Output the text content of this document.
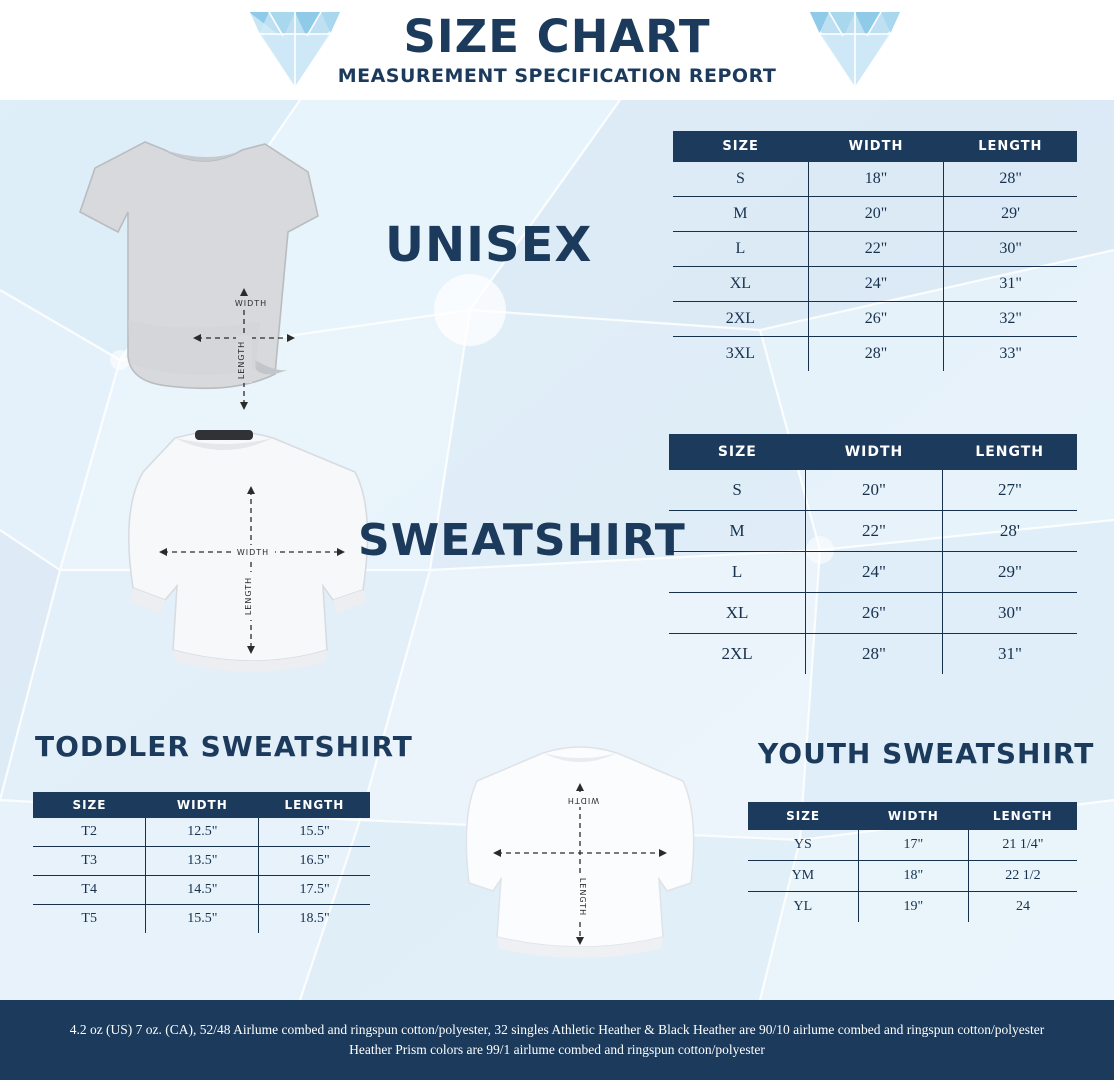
SIZE CHART
MEASUREMENT SPECIFICATION REPORT
WIDTH
LENGTH
WIDTH
LENGTH
WIDTH
LENGTH
UNISEX
SWEATSHIRT
TODDLER SWEATSHIRT	YOUTH SWEATSHIRT
SIZE	WIDTH	LENGTH
S	18"	28"
M	20"	29'
L	22"	30"
XL	24"	31"
2XL	26"	32"
3XL	28"	33"
SIZE	WIDTH	LENGTH
S	20"	27"
M	22"	28'
L	24"	29"
XL	26"	30"
2XL	28"	31"
SIZE	WIDTH	LENGTH
T2	12.5"	15.5"
T3	13.5"	16.5"
T4	14.5"	17.5"
T5	15.5"	18.5"
SIZE	WIDTH	LENGTH
YS	17"	21 1/4"
YM	18"	22 1/2
YL	19"	24

4.2 oz (US) 7 oz. (CA), 52/48 Airlume combed and ringspun cotton/polyester, 32 singles Athletic Heather & Black Heather are 90/10 airlume combed and ringspun cotton/polyester Heather Prism colors are 99/1 airlume combed and ringspun cotton/polyester
